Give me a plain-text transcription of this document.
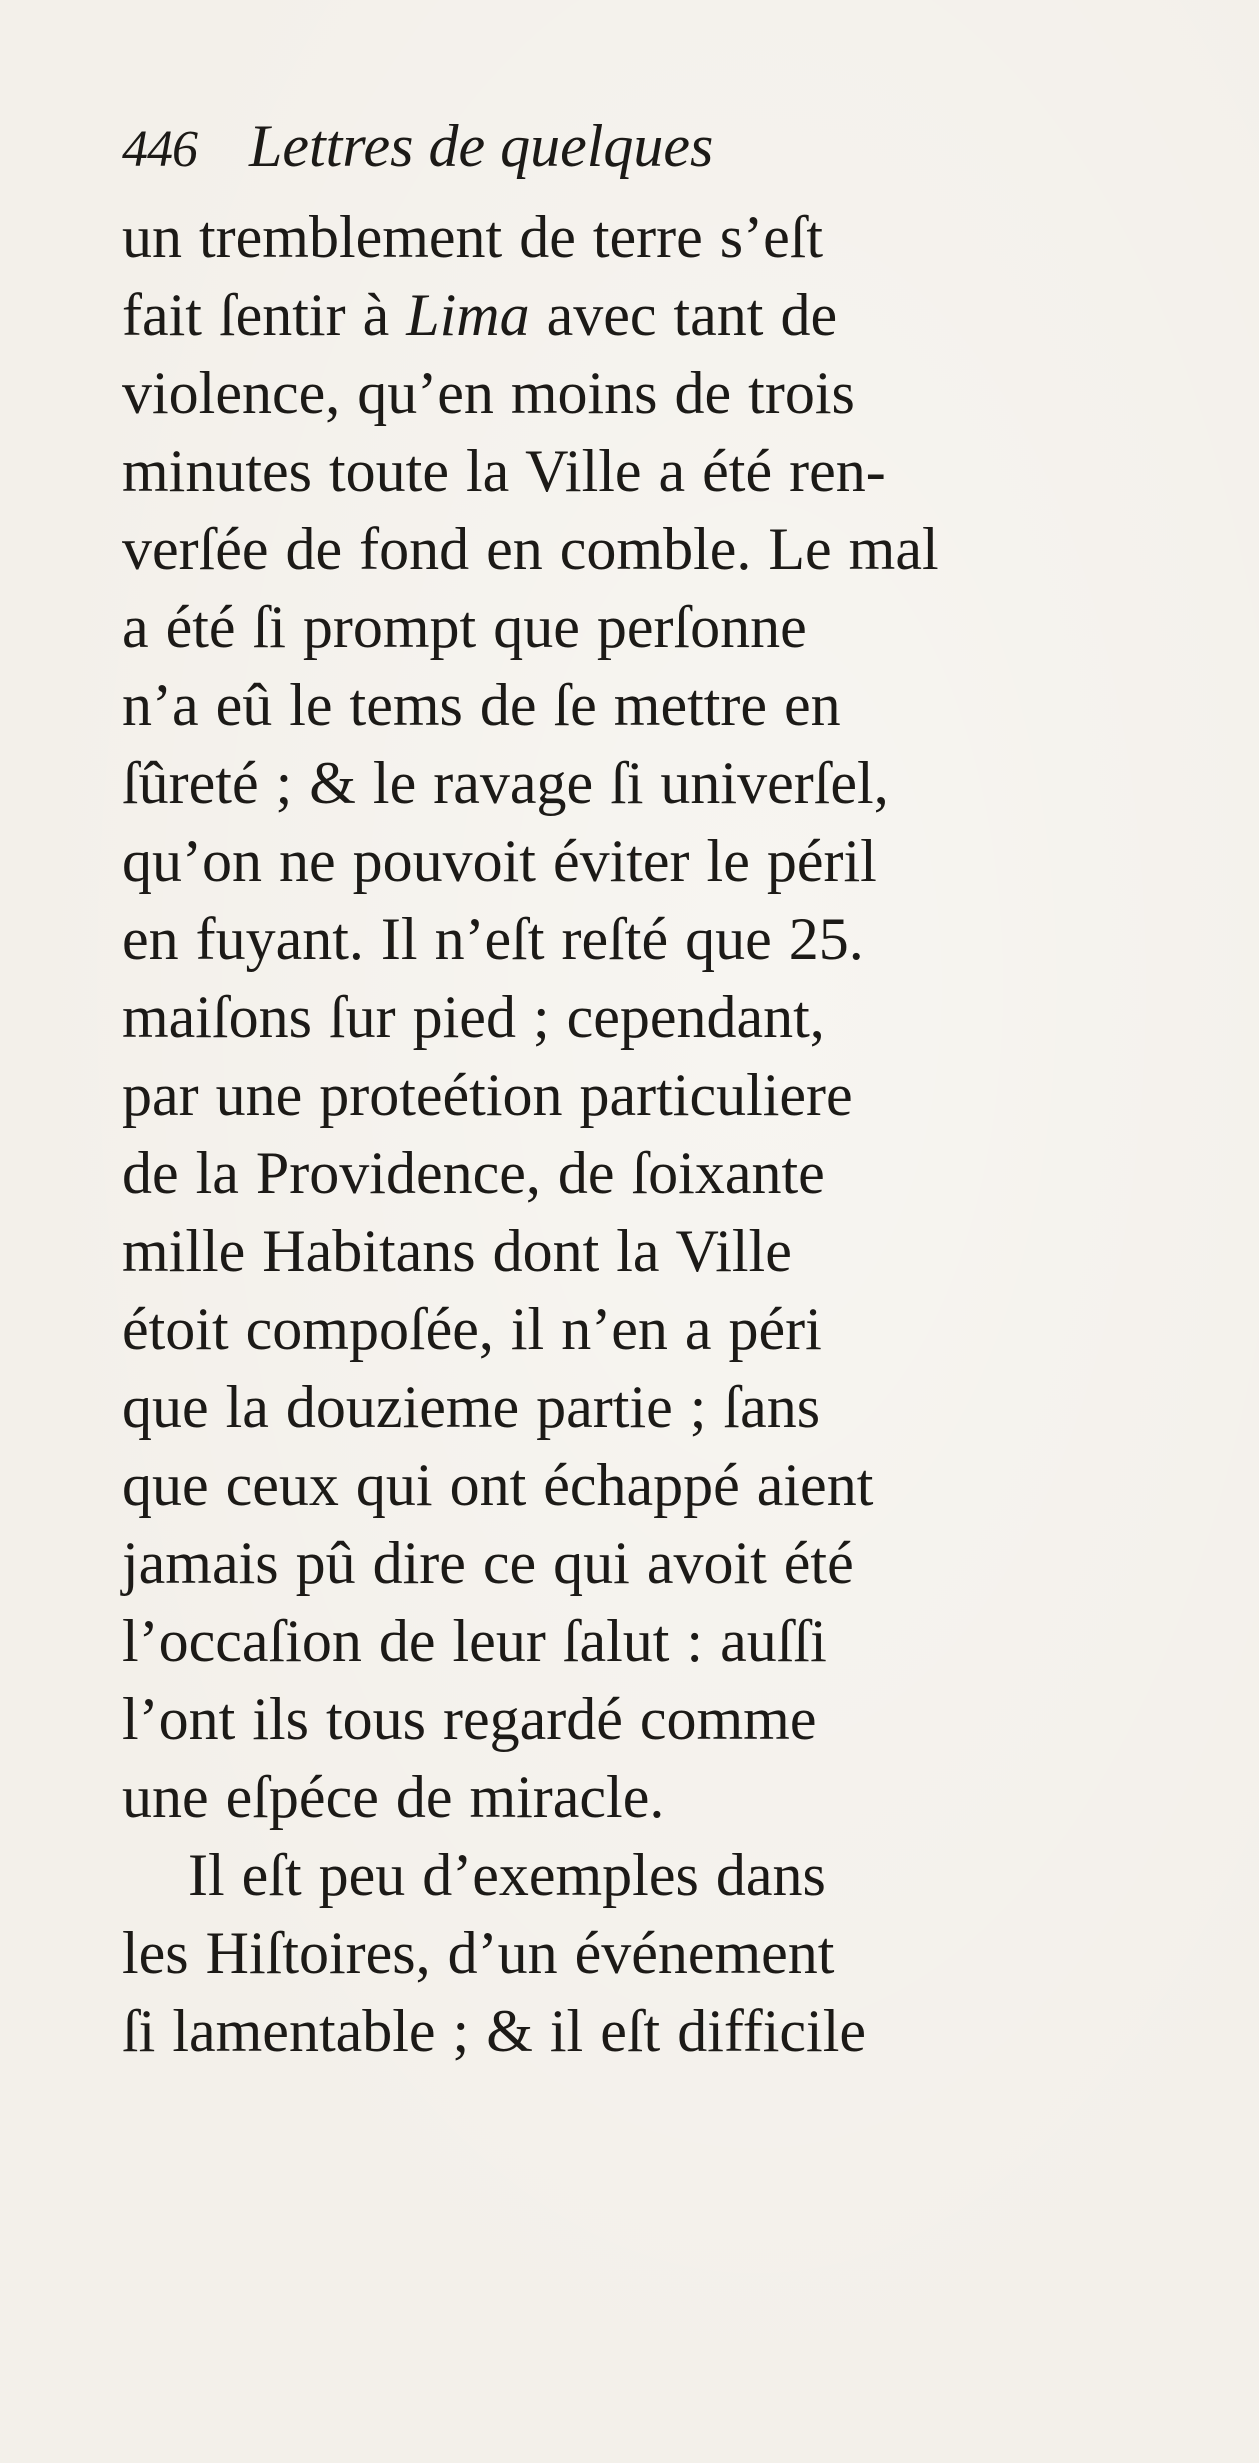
446 Lettres de quelques
un tremblement de terre s’eſt
fait ſentir à Lima avec tant de
violence, qu’en moins de trois
minutes toute la Ville a été ren-
verſée de fond en comble. Le mal
a été ſi prompt que perſonne
n’a eû le tems de ſe mettre en
ſûreté ; & le ravage ſi univerſel,
qu’on ne pouvoit éviter le péril
en fuyant. Il n’eſt reſté que 25.
maiſons ſur pied ; cependant,
par une proteétion particuliere
de la Providence, de ſoixante
mille Habitans dont la Ville
étoit compoſée, il n’en a péri
que la douzieme partie ; ſans
que ceux qui ont échappé aient
jamais pû dire ce qui avoit été
l’occaſion de leur ſalut : auſſi
l’ont ils tous regardé comme
une eſpéce de miracle.
Il eſt peu d’exemples dans
les Hiſtoires, d’un événement
ſi lamentable ; & il eſt difficile
